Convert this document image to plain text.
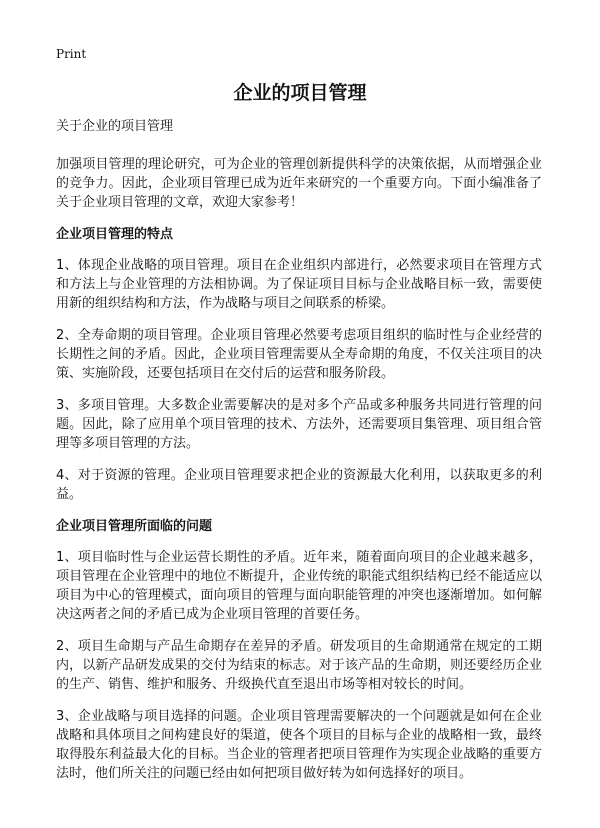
Print
企业的项目管理
关于企业的项目管理

加强项目管理的理论研究，可为企业的管理创新提供科学的决策依据，从而增强企业的竞争力。因此，企业项目管理已成为近年来研究的一个重要方向。下面小编准备了关于企业项目管理的文章，欢迎大家参考！

企业项目管理的特点

1、体现企业战略的项目管理。项目在企业组织内部进行，必然要求项目在管理方式和方法上与企业管理的方法相协调。为了保证项目目标与企业战略目标一致，需要使用新的组织结构和方法，作为战略与项目之间联系的桥梁。

2、全寿命期的项目管理。企业项目管理必然要考虑项目组织的临时性与企业经营的长期性之间的矛盾。因此，企业项目管理需要从全寿命期的角度，不仅关注项目的决策、实施阶段，还要包括项目在交付后的运营和服务阶段。

3、多项目管理。大多数企业需要解决的是对多个产品或多种服务共同进行管理的问题。因此，除了应用单个项目管理的技术、方法外，还需要项目集管理、项目组合管理等多项目管理的方法。

4、对于资源的管理。企业项目管理要求把企业的资源最大化利用，以获取更多的利益。

企业项目管理所面临的问题

1、项目临时性与企业运营长期性的矛盾。近年来，随着面向项目的企业越来越多，项目管理在企业管理中的地位不断提升，企业传统的职能式组织结构已经不能适应以项目为中心的管理模式，面向项目的管理与面向职能管理的冲突也逐渐增加。如何解决这两者之间的矛盾已成为企业项目管理的首要任务。

2、项目生命期与产品生命期存在差异的矛盾。研发项目的生命期通常在规定的工期内，以新产品研发成果的交付为结束的标志。对于该产品的生命期，则还要经历企业的生产、销售、维护和服务、升级换代直至退出市场等相对较长的时间。

3、企业战略与项目选择的问题。企业项目管理需要解决的一个问题就是如何在企业战略和具体项目之间构建良好的渠道，使各个项目的目标与企业的战略相一致，最终取得股东利益最大化的目标。当企业的管理者把项目管理作为实现企业战略的重要方法时，他们所关注的问题已经由如何把项目做好转为如何选择好的项目。
